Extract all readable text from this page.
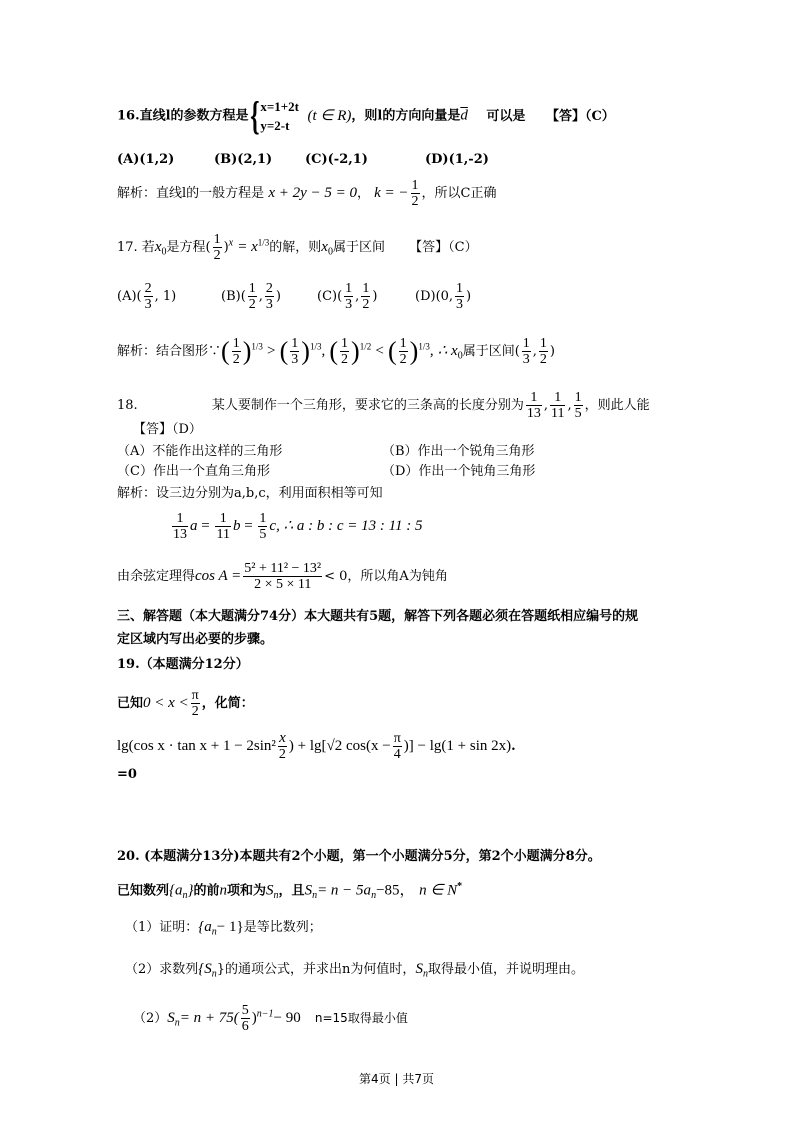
16.直线l的参数方程是{ x=1+2t
y=2-t
(t ∈ R)，则l的方向向量是$\overline{d}$ 可以是 【答】（C）
(A)(1,2)	(B)(2,1)	(C)(-2,1)	(D)(1,-2)
解析：直线l的一般方程是 x + 2y − 5 = 0， k = − $\frac{1}{2}$ ，所以C正确
17. 若$x_0$是方程( $\frac{1}{2} )^x = x^{1/3}$的解，则$x_0$属于区间 【答】（C）
$(A)( \frac{2}{3}$ , 1)	$(B)( \frac{1}{2}$ , $\frac{2}{3}$ )	$(C)( \frac{1}{3}$ , $\frac{1}{2}$ )	(D)(0, $\frac{1}{3}$ )
解析：结合图形∵( $\frac{1}{2} )^{1/3}$ > ( $\frac{1}{3} )^{1/3}$, ( $\frac{1}{2} )^{1/2}$ < ( $\frac{1}{2} )^{1/3}$, ∴ $x_0$属于区间( $\frac{1}{3}$ , $\frac{1}{2}$ )
18.	某人要制作一个三角形，要求它的三条高的长度分别为 $\frac{1}{13}$ , $\frac{1}{11}$ , $\frac{1}{5}$ ，则此人能
【答】（D）
（A）不能作出这样的三角形	（B）作出一个锐角三角形
（C）作出一个直角三角形	（D）作出一个钝角三角形
解析：设三边分别为a,b,c，利用面积相等可知
$\frac{1}{13}$ $a = \frac{1}{11}$ $b = \frac{1}{5} c$, ∴ a : b : c = 13 : 11 : 5
由余弦定理得$\cos A = \frac{\text{5² + 11² − 13²}}{2 \times 5 \times 11} < 0$，所以角A为钝角
三、解答题（本大题满分74分）本大题共有5题，解答下列各题必须在答题纸相应编号的规
定区域内写出必要的步骤。
19.（本题满分12分）
已知$0 < x < \frac{\pi}{2}$ ，化简：
lg(cos $x \cdot \tan x + 1 - 2\sin^2 \frac{x}{2}$ ) + lg[√2 $\cos(x - \frac{\pi}{4}$ )] − lg(1 + sin 2x).
=0
20. (本题满分13分)本题共有2个小题，第一个小题满分5分，第2个小题满分8分。
已知数列$\{a_n\}$的前n项和为$S_n$，且$S_n= n - 5a_n-85$， n ∈ N*
（1）证明：$\{a_n- 1\}$是等比数列；
（2）求数列$\{S_n\}$的通项公式，并求出n为何值时，$S_n$取得最小值，并说明理由。
$(2)S_n= n + 75( \frac{5}{6} )^{n-1}- 90$ n=15取得最小值
第4页 | 共7页
